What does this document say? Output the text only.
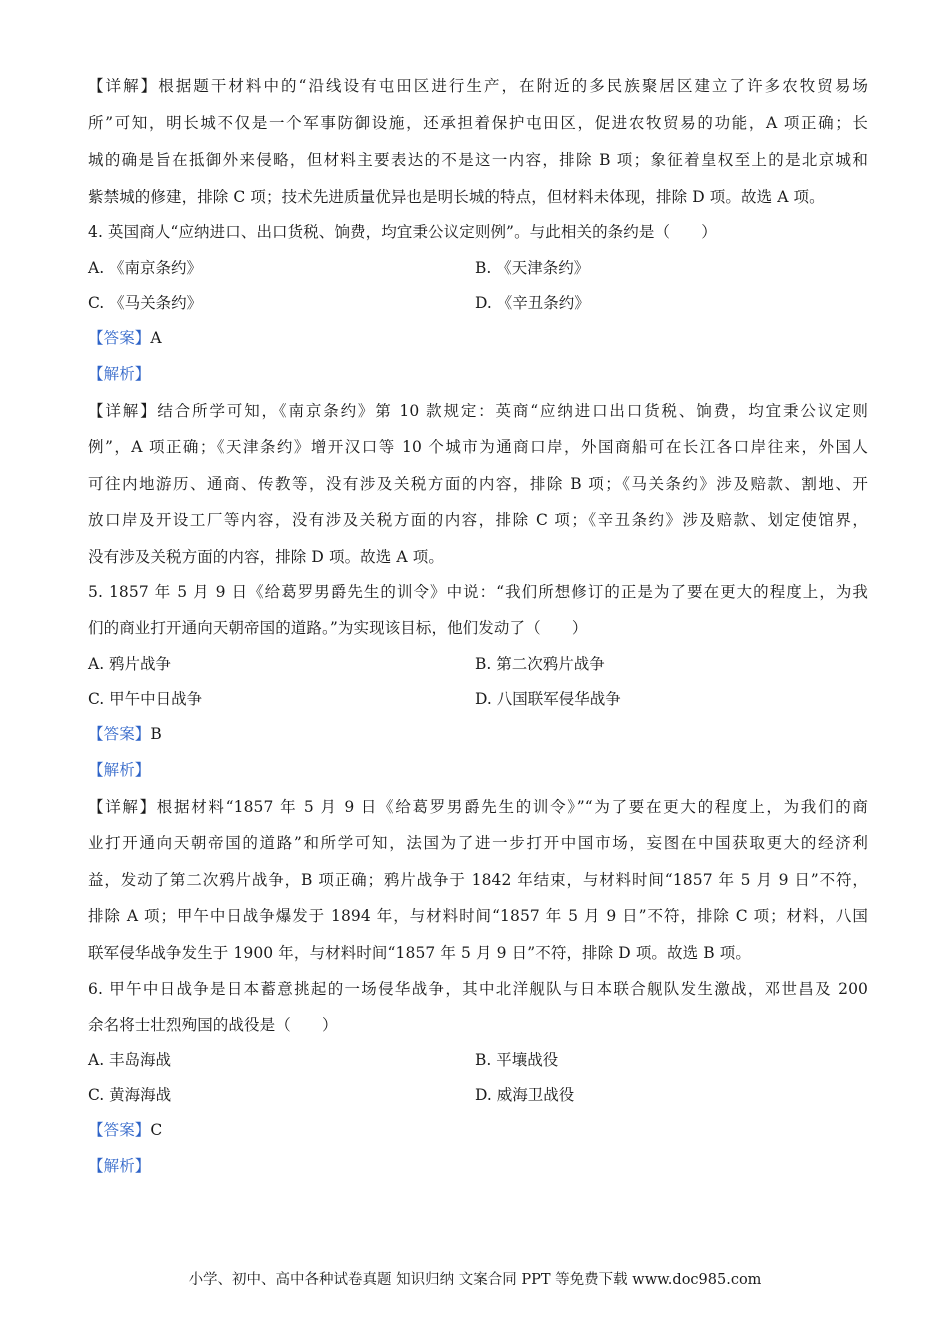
【详解】根据题干材料中的“沿线设有屯田区进行生产，在附近的多民族聚居区建立了许多农牧贸易场
所”可知，明长城不仅是一个军事防御设施，还承担着保护屯田区，促进农牧贸易的功能，A 项正确；长
城的确是旨在抵御外来侵略，但材料主要表达的不是这一内容，排除 B 项；象征着皇权至上的是北京城和
紫禁城的修建，排除 C 项；技术先进质量优异也是明长城的特点，但材料未体现，排除 D 项。故选 A 项。
4. 英国商人“应纳进口、出口货税、饷费，均宜秉公议定则例”。与此相关的条约是（　　）
A. 《南京条约》	B. 《天津条约》
C. 《马关条约》	D. 《辛丑条约》
【答案】A
【解析】
【详解】结合所学可知，《南京条约》第 10 款规定：英商“应纳进口出口货税、饷费，均宜秉公议定则
例”，A 项正确；《天津条约》增开汉口等 10 个城市为通商口岸，外国商船可在长江各口岸往来，外国人
可往内地游历、通商、传教等，没有涉及关税方面的内容，排除 B 项；《马关条约》涉及赔款、割地、开
放口岸及开设工厂等内容，没有涉及关税方面的内容，排除 C 项；《辛丑条约》涉及赔款、划定使馆界，
没有涉及关税方面的内容，排除 D 项。故选 A 项。
5. 1857 年 5 月 9 日《给葛罗男爵先生的训令》中说：“我们所想修订的正是为了要在更大的程度上，为我
们的商业打开通向天朝帝国的道路。”为实现该目标，他们发动了（　　）
A. 鸦片战争	B. 第二次鸦片战争
C. 甲午中日战争	D. 八国联军侵华战争
【答案】B
【解析】
【详解】根据材料“1857 年 5 月 9 日《给葛罗男爵先生的训令》”“为了要在更大的程度上，为我们的商
业打开通向天朝帝国的道路”和所学可知，法国为了进一步打开中国市场，妄图在中国获取更大的经济利
益，发动了第二次鸦片战争，B 项正确；鸦片战争于 1842 年结束，与材料时间“1857 年 5 月 9 日”不符，
排除 A 项；甲午中日战争爆发于 1894 年，与材料时间“1857 年 5 月 9 日”不符，排除 C 项；材料，八国
联军侵华战争发生于 1900 年，与材料时间“1857 年 5 月 9 日”不符，排除 D 项。故选 B 项。
6. 甲午中日战争是日本蓄意挑起的一场侵华战争，其中北洋舰队与日本联合舰队发生激战，邓世昌及 200
余名将士壮烈殉国的战役是（　　）
A. 丰岛海战	B. 平壤战役
C. 黄海海战	D. 威海卫战役
【答案】C
【解析】
小学、初中、高中各种试卷真题 知识归纳 文案合同 PPT 等免费下载 www.doc985.com
